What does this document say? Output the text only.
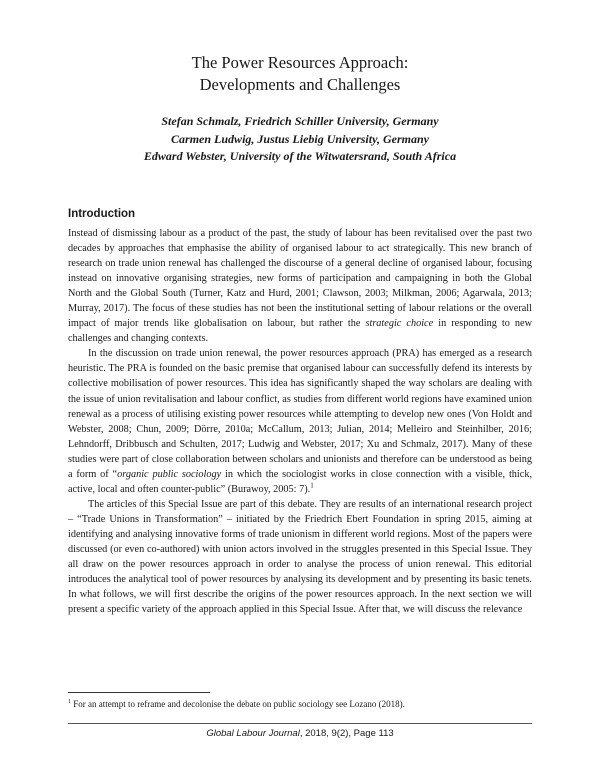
The Power Resources Approach:
Developments and Challenges
Stefan Schmalz, Friedrich Schiller University, Germany
Carmen Ludwig, Justus Liebig University, Germany
Edward Webster, University of the Witwatersrand, South Africa
Introduction

Instead of dismissing labour as a product of the past, the study of labour has been revitalised over the past two decades by approaches that emphasise the ability of organised labour to act strategically. This new branch of research on trade union renewal has challenged the discourse of a general decline of organised labour, focusing instead on innovative organising strategies, new forms of participation and campaigning in both the Global North and the Global South (Turner, Katz and Hurd, 2001; Clawson, 2003; Milkman, 2006; Agarwala, 2013; Murray, 2017). The focus of these studies has not been the institutional setting of labour relations or the overall impact of major trends like globalisation on labour, but rather the strategic choice in responding to new challenges and changing contexts.

In the discussion on trade union renewal, the power resources approach (PRA) has emerged as a research heuristic. The PRA is founded on the basic premise that organised labour can successfully defend its interests by collective mobilisation of power resources. This idea has significantly shaped the way scholars are dealing with the issue of union revitalisation and labour conflict, as studies from different world regions have examined union renewal as a process of utilising existing power resources while attempting to develop new ones (Von Holdt and Webster, 2008; Chun, 2009; Dörre, 2010a; McCallum, 2013; Julian, 2014; Melleiro and Steinhilber, 2016; Lehndorff, Dribbusch and Schulten, 2017; Ludwig and Webster, 2017; Xu and Schmalz, 2017). Many of these studies were part of close collaboration between scholars and unionists and therefore can be understood as being a form of “organic public sociology in which the sociologist works in close connection with a visible, thick, active, local and often counter-public” (Burawoy, 2005: 7).$^1$

The articles of this Special Issue are part of this debate. They are results of an international research project – “Trade Unions in Transformation” – initiated by the Friedrich Ebert Foundation in spring 2015, aiming at identifying and analysing innovative forms of trade unionism in different world regions. Most of the papers were discussed (or even co-authored) with union actors involved in the struggles presented in this Special Issue. They all draw on the power resources approach in order to analyse the process of union renewal. This editorial introduces the analytical tool of power resources by analysing its development and by presenting its basic tenets. In what follows, we will first describe the origins of the power resources approach. In the next section we will present a specific variety of the approach applied in this Special Issue. After that, we will discuss the relevance

$^1$ For an attempt to reframe and decolonise the debate on public sociology see Lozano (2018).
Global Labour Journal, 2018, 9(2), Page 113
